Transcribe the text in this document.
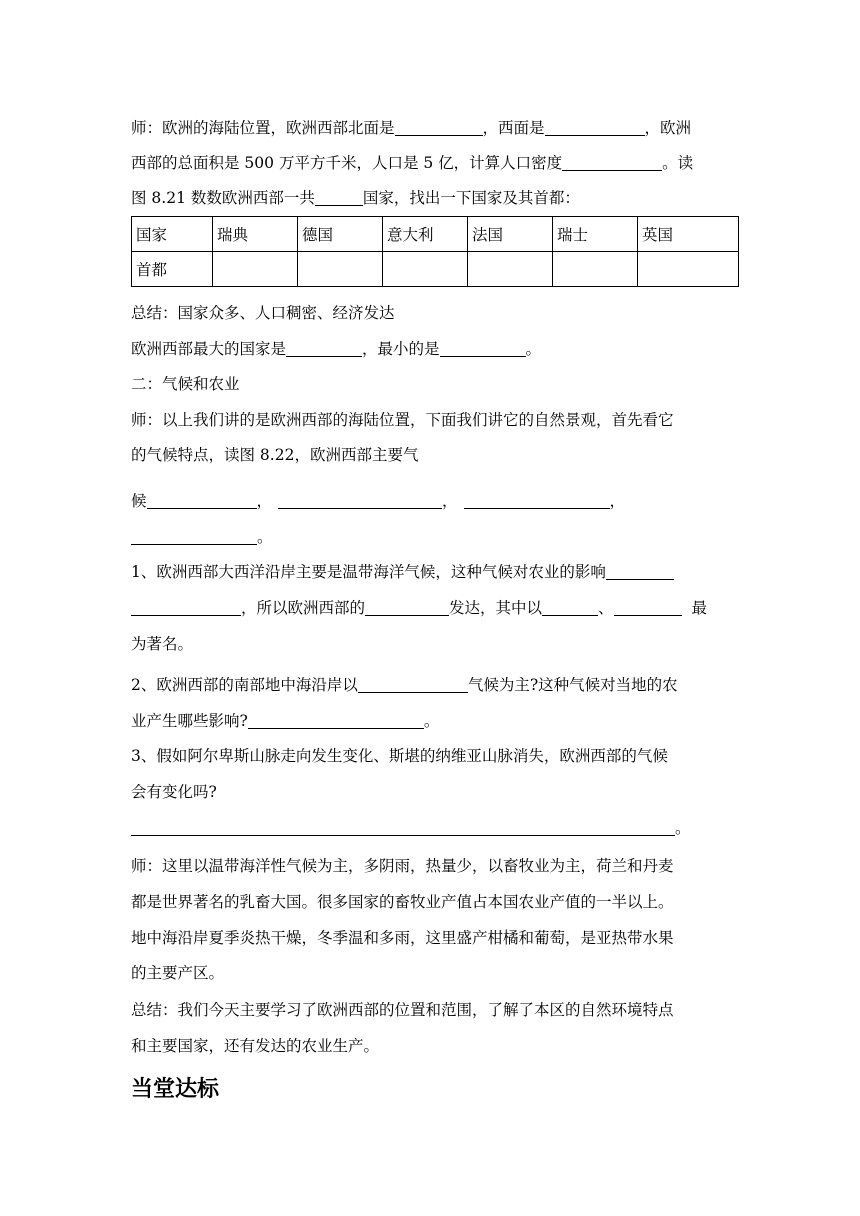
师：欧洲的海陆位置，欧洲西部北面是	，西面是	，欧洲
西部的总面积是 500 万平方千米，人口是 5 亿，计算人口密度	。读
图 8.21 数数欧洲西部一共	国家，找出一下国家及其首都：
国家	瑞典	德国	意大利	法国	瑞士	英国
首都						
总结：国家众多、人口稠密、经济发达
欧洲西部最大的国家是	，最小的是	。
二：气候和农业
师：以上我们讲的是欧洲西部的海陆位置，下面我们讲它的自然景观，首先看它
的气候特点，读图 8.22，欧洲西部主要气
候	，	，	，
。
1、欧洲西部大西洋沿岸主要是温带海洋气候，这种气候对农业的影响
，所以欧洲西部的	发达，其中以	、	最
为著名。
2、欧洲西部的南部地中海沿岸以	气候为主?这种气候对当地的农
业产生哪些影响?	。
3、假如阿尔卑斯山脉走向发生变化、斯堪的纳维亚山脉消失，欧洲西部的气候
会有变化吗?
。
师：这里以温带海洋性气候为主，多阴雨，热量少，以畜牧业为主，荷兰和丹麦
都是世界著名的乳畜大国。很多国家的畜牧业产值占本国农业产值的一半以上。
地中海沿岸夏季炎热干燥，冬季温和多雨，这里盛产柑橘和葡萄，是亚热带水果
的主要产区。
总结：我们今天主要学习了欧洲西部的位置和范围，了解了本区的自然环境特点
和主要国家，还有发达的农业生产。
当堂达标
